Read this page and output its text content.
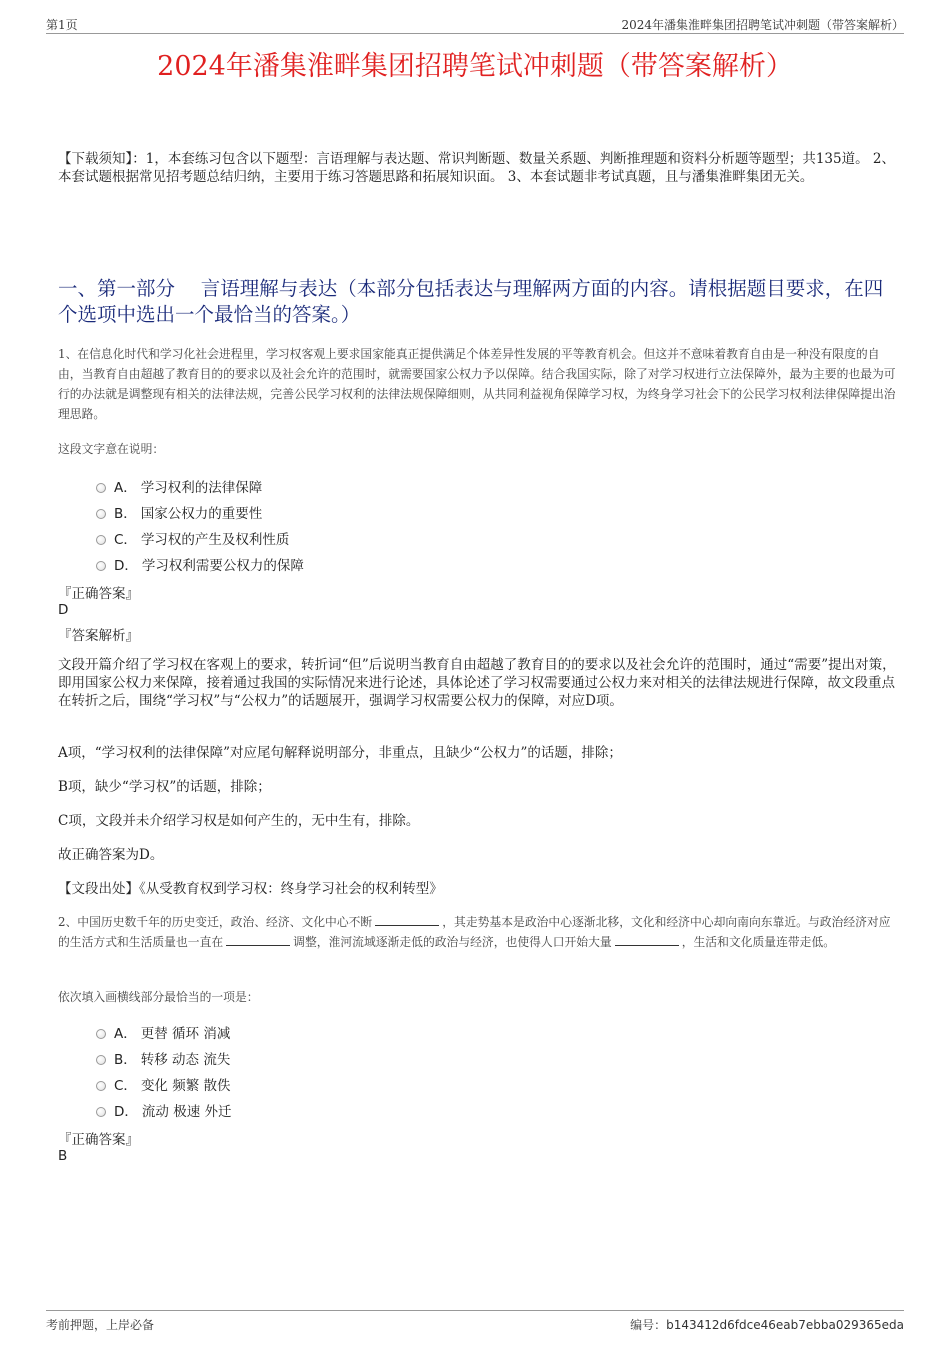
第1页	2024年潘集淮畔集团招聘笔试冲刺题（带答案解析）
2024年潘集淮畔集团招聘笔试冲刺题（带答案解析）
【下载须知】：1，本套练习包含以下题型：言语理解与表达题、常识判断题、数量关系题、判断推理题和资料分析题等题型；共135道。 2、本套试题根据常见招考题总结归纳，主要用于练习答题思路和拓展知识面。 3、本套试题非考试真题，且与潘集淮畔集团无关。
一、第一部分　 言语理解与表达（本部分包括表达与理解两方面的内容。请根据题目要求，在四个选项中选出一个最恰当的答案。）
1、在信息化时代和学习化社会进程里，学习权客观上要求国家能真正提供满足个体差异性发展的平等教育机会。但这并不意味着教育自由是一种没有限度的自由，当教育自由超越了教育目的的要求以及社会允许的范围时，就需要国家公权力予以保障。结合我国实际，除了对学习权进行立法保障外，最为主要的也最为可行的办法就是调整现有相关的法律法规，完善公民学习权利的法律法规保障细则，从共同利益视角保障学习权，为终身学习社会下的公民学习权利法律保障提出治理思路。
这段文字意在说明：
A． 学习权利的法律保障
B． 国家公权力的重要性
C． 学习权的产生及权利性质
D． 学习权利需要公权力的保障
『正确答案』
D
『答案解析』
文段开篇介绍了学习权在客观上的要求，转折词“但”后说明当教育自由超越了教育目的的要求以及社会允许的范围时，通过“需要”提出对策，即用国家公权力来保障，接着通过我国的实际情况来进行论述，具体论述了学习权需要通过公权力来对相关的法律法规进行保障，故文段重点在转折之后，围绕“学习权”与“公权力”的话题展开，强调学习权需要公权力的保障，对应D项。
A项，“学习权利的法律保障”对应尾句解释说明部分，非重点，且缺少“公权力”的话题，排除；
B项，缺少“学习权”的话题，排除；
C项，文段并未介绍学习权是如何产生的，无中生有，排除。
故正确答案为D。
【文段出处】《从受教育权到学习权：终身学习社会的权利转型》
2、中国历史数千年的历史变迁，政治、经济、文化中心不断	，其走势基本是政治中心逐渐北移，文化和经济中心却向南向东靠近。与政治经济对应的生活方式和生活质量也一直在	调整，淮河流域逐渐走低的政治与经济，也使得人口开始大量	，生活和文化质量连带走低。
依次填入画横线部分最恰当的一项是：
A． 更替 循环 消减
B． 转移 动态 流失
C． 变化 频繁 散佚
D． 流动 极速 外迁
『正确答案』
B
考前押题，上岸必备	编号：b143412d6fdce46eab7ebba029365eda
